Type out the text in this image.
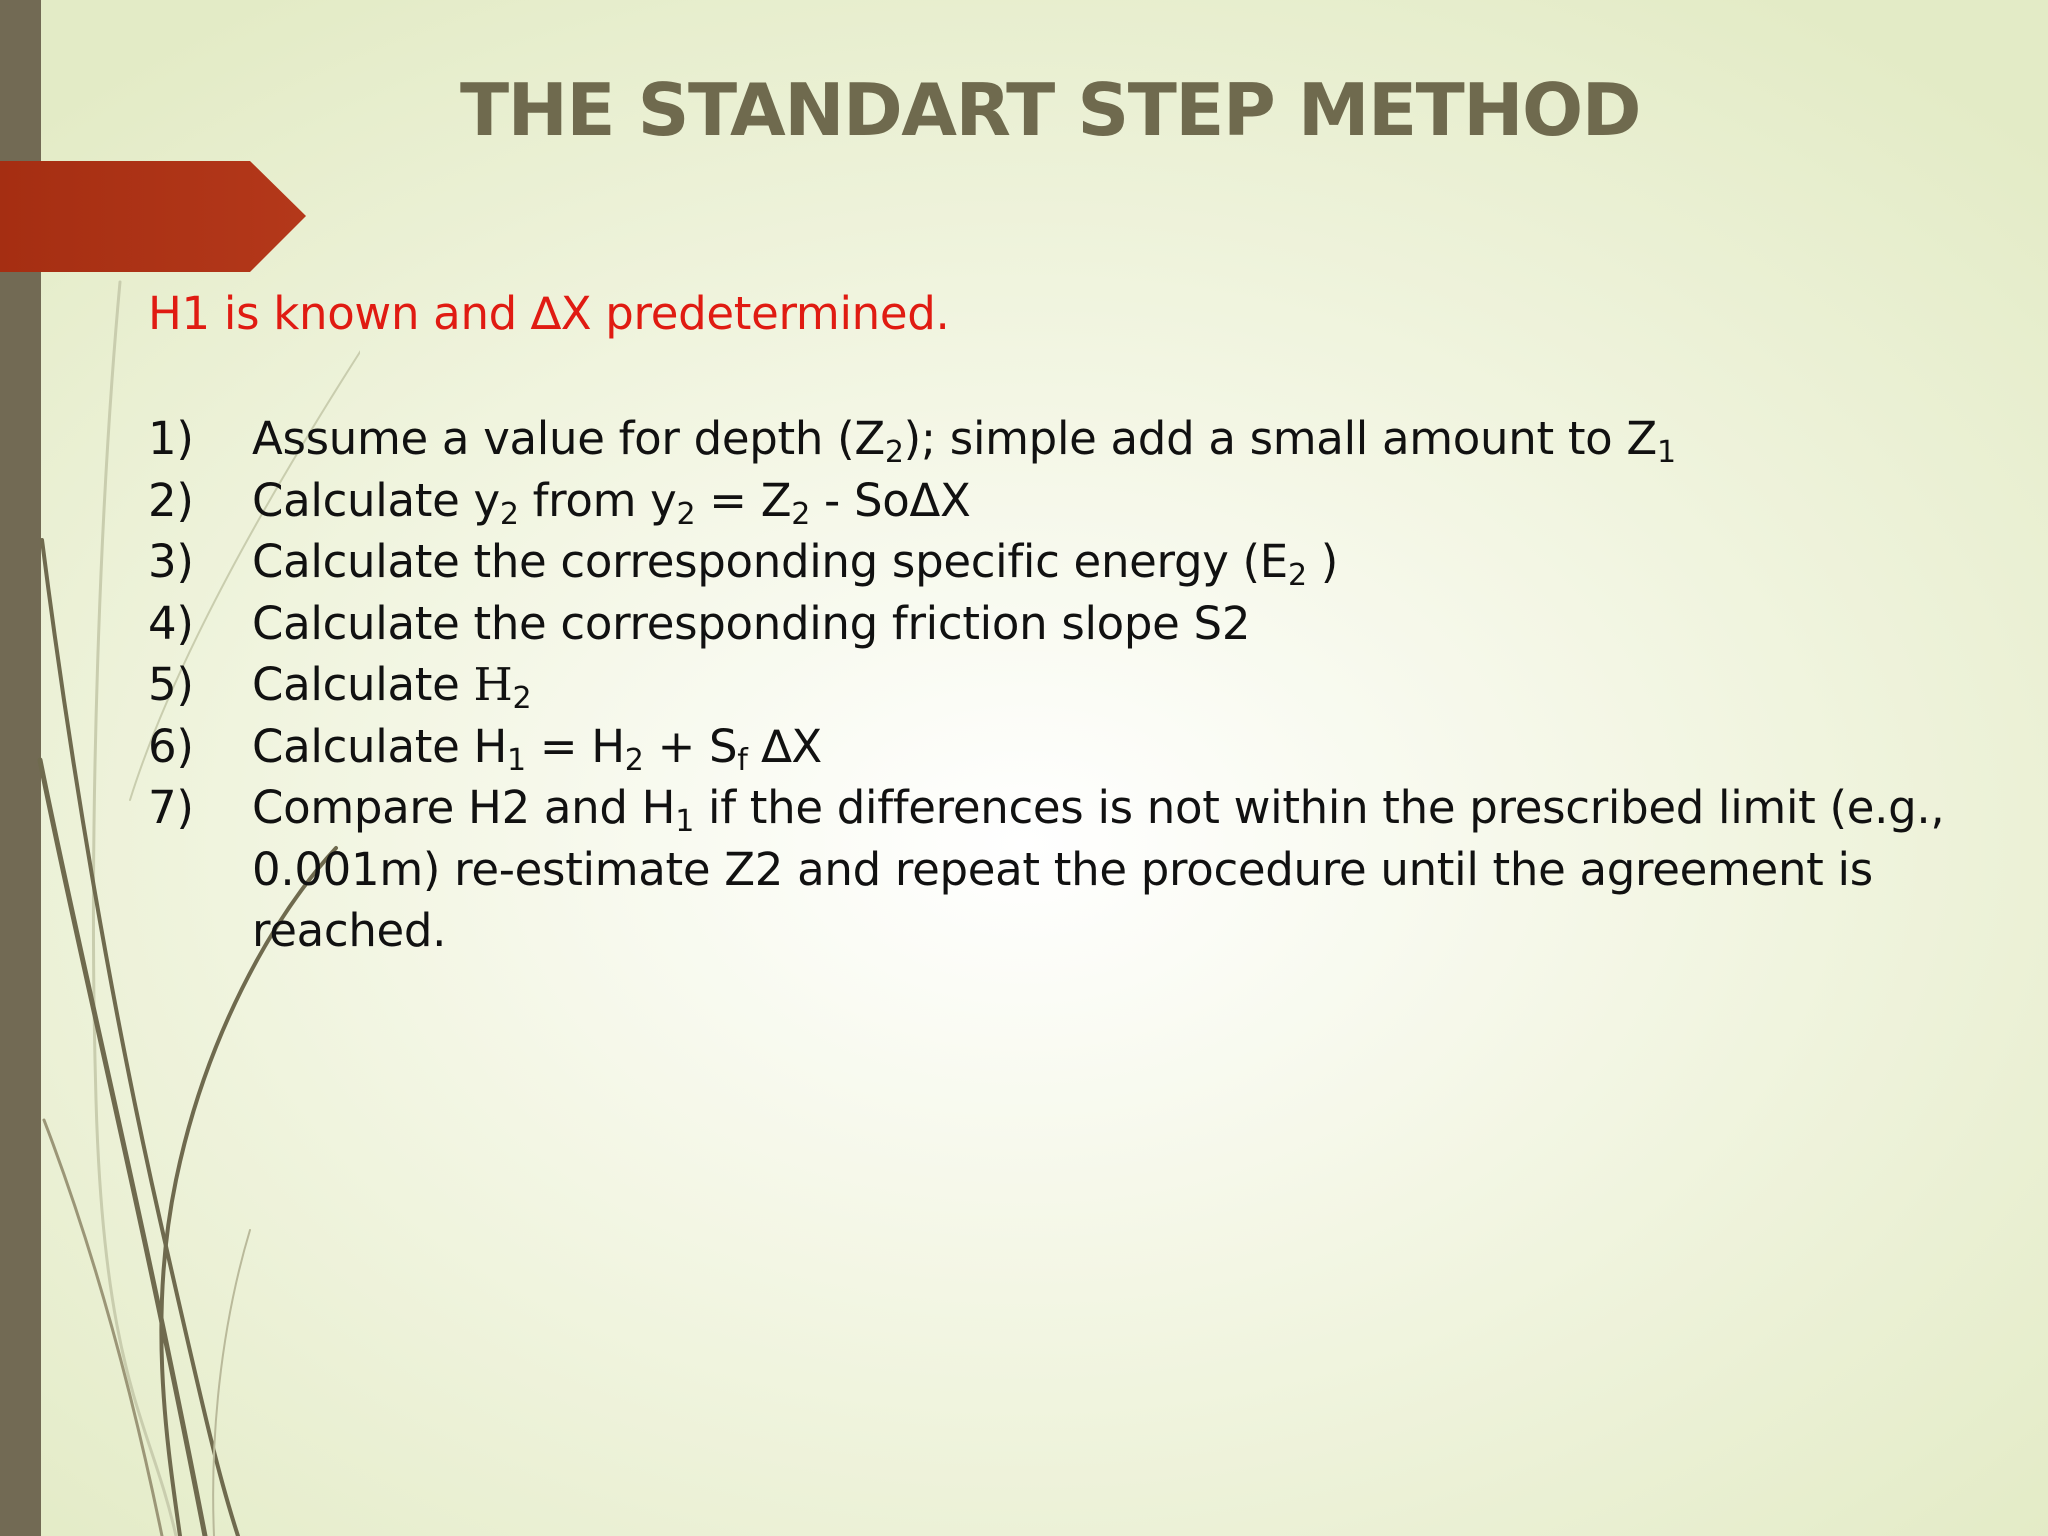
THE STANDART STEP METHOD

H1 is known and ∆X predetermined.

1)	Assume a value for depth $(Z_2)$; simple add a small amount to $Z_1$
2)	Calculate $y_2$ from $y_2 = Z_2 - So\Delta X$
3)	Calculate the corresponding specific energy ($E_2$ )
4)	Calculate the corresponding friction slope S2
5)	Calculate $H_2$
6)	Calculate $H_1 = H_2 + S_f$ ∆X
7)	Compare H2 and $H_1$ if the differences is not within the prescribed limit (e.g., 0.001m) re-estimate Z2 and repeat the procedure until the agreement is reached.
